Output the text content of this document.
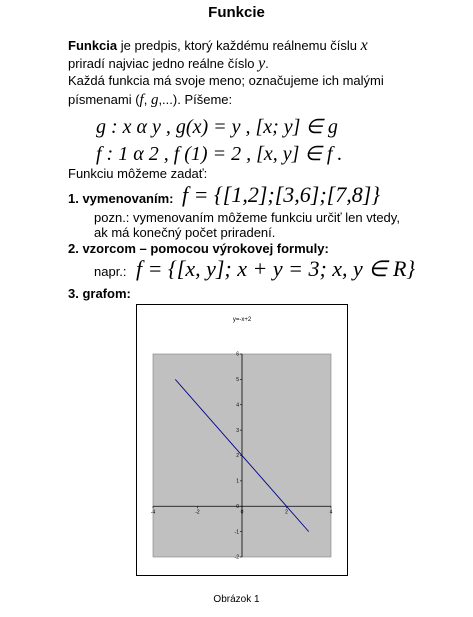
Funkcie
Funkcia je predpis, ktorý každému reálnemu číslu x
priradí najviac jedno reálne číslo y.
Každá funkcia má svoje meno; označujeme ich malými
písmenami (f, g,...). Píšeme:
g : x α y , g(x) = y , [x; y] ∈ g
f : 1 α 2 , f (1) = 2 , [x, y] ∈ f .
Funkciu môžeme zadať:
1. vymenovaním: f = {[1,2];[3,6];[7,8]}
pozn.: vymenovaním môžeme funkciu určiť len vtedy,
ak má konečný počet priradení.
2. vzorcom – pomocou výrokovej formuly:
napr.: f = {[x, y]; x + y = 3; x, y ∈ R}
3. grafom:
y=-x+2
-4	-2	0	2	4
-2
-1
0
1
2
3
4
5
6
Obrázok 1
